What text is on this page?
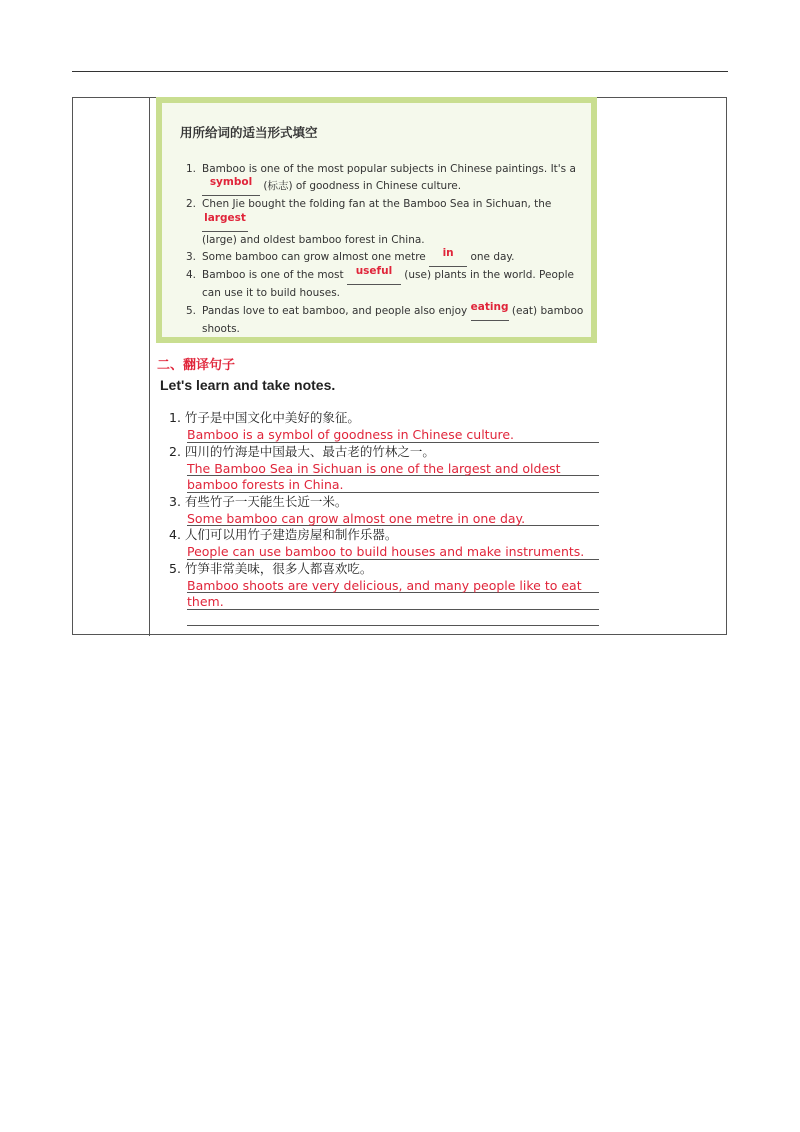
用所给词的适当形式填空
1. Bamboo is one of the most popular subjects in Chinese paintings. It's a
symbol (标志) of goodness in Chinese culture.
2. Chen Jie bought the folding fan at the Bamboo Sea in Sichuan, the largest
(large) and oldest bamboo forest in China.
3. Some bamboo can grow almost one metre in one day.
4. Bamboo is one of the most useful (use) plants in the world. People can use it to build houses.
5. Pandas love to eat bamboo, and people also enjoy eating (eat) bamboo shoots.
二、翻译句子
Let's learn and take notes.
1. 竹子是中国文化中美好的象征。
Bamboo is a symbol of goodness in Chinese culture.
2. 四川的竹海是中国最大、最古老的竹林之一。
The Bamboo Sea in Sichuan is one of the largest and oldest
bamboo forests in China.
3. 有些竹子一天能生长近一米。
Some bamboo can grow almost one metre in one day.
4. 人们可以用竹子建造房屋和制作乐器。
People can use bamboo to build houses and make instruments.
5. 竹笋非常美味，很多人都喜欢吃。
Bamboo shoots are very delicious, and many people like to eat
them.
